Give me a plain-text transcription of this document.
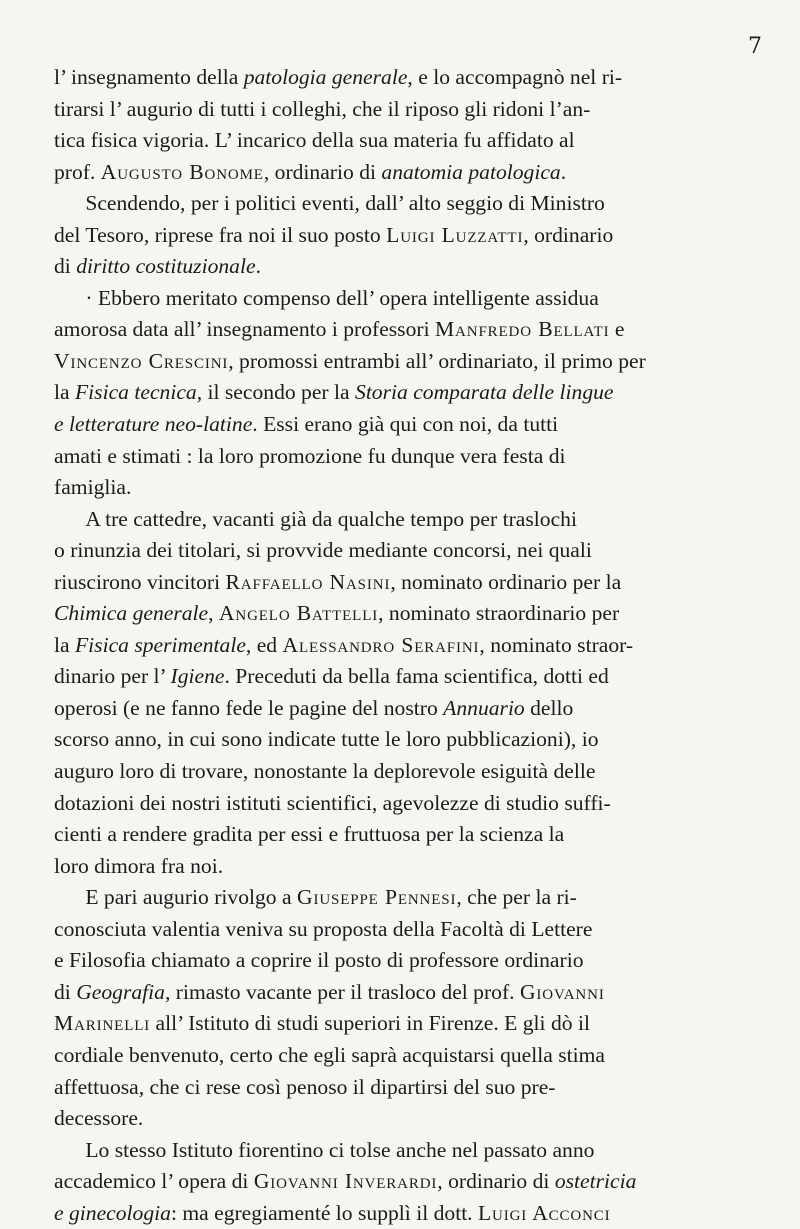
7

l’ insegnamento della patologia generale, e lo accompagnò nel ri-
tirarsi l’ augurio di tutti i colleghi, che il riposo gli ridoni l’an-
tica fisica vigoria. L’ incarico della sua materia fu affidato al
prof. Augusto Bonome, ordinario di anatomia patologica.

Scendendo, per i politici eventi, dall’ alto seggio di Ministro
del Tesoro, riprese fra noi il suo posto Luigi Luzzatti, ordinario
di diritto costituzionale.

· Ebbero meritato compenso dell’ opera intelligente assidua
amorosa data all’ insegnamento i professori Manfredo Bellati e
Vincenzo Crescini, promossi entrambi all’ ordinariato, il primo per
la Fisica tecnica, il secondo per la Storia comparata delle lingue
e letterature neo-latine. Essi erano già qui con noi, da tutti
amati e stimati : la loro promozione fu dunque vera festa di
famiglia.

A tre cattedre, vacanti già da qualche tempo per traslochi
o rinunzia dei titolari, si provvide mediante concorsi, nei quali
riuscirono vincitori Raffaello Nasini, nominato ordinario per la
Chimica generale, Angelo Battelli, nominato straordinario per
la Fisica sperimentale, ed Alessandro Serafini, nominato straor-
dinario per l’ Igiene. Preceduti da bella fama scientifica, dotti ed
operosi (e ne fanno fede le pagine del nostro Annuario dello
scorso anno, in cui sono indicate tutte le loro pubblicazioni), io
auguro loro di trovare, nonostante la deplorevole esiguità delle
dotazioni dei nostri istituti scientifici, agevolezze di studio suffi-
cienti a rendere gradita per essi e fruttuosa per la scienza la
loro dimora fra noi.

E pari augurio rivolgo a Giuseppe Pennesi, che per la ri-
conosciuta valentia veniva su proposta della Facoltà di Lettere
e Filosofia chiamato a coprire il posto di professore ordinario
di Geografia, rimasto vacante per il trasloco del prof. Giovanni
Marinelli all’ Istituto di studi superiori in Firenze. E gli dò il
cordiale benvenuto, certo che egli saprà acquistarsi quella stima
affettuosa, che ci rese così penoso il dipartirsi del suo pre-
decessore.

Lo stesso Istituto fiorentino ci tolse anche nel passato anno
accademico l’ opera di Giovanni Inverardi, ordinario di ostetricia
e ginecologia: ma egregiamenté lo supplì il dott. Luigi Acconci
